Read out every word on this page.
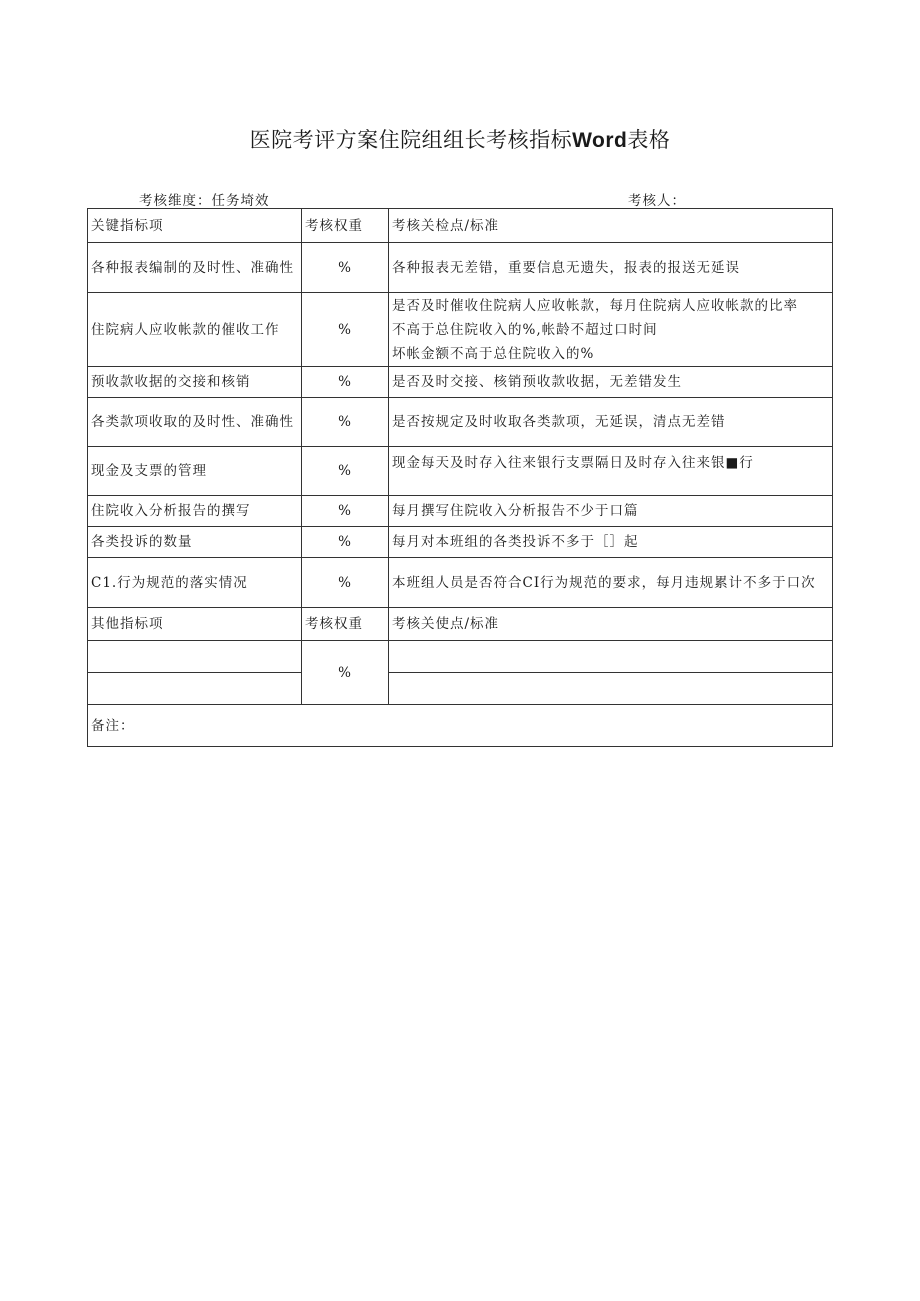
医院考评方案住院组组长考核指标Word表格
考核维度：任务埼效	考核人：
关键指标项	考核权重	考核关检点/标准
各种报表编制的及时性、准确性	%	各种报表无差错，重要信息无遗失，报表的报送无延误
住院病人应收帐款的催收工作	%	是否及时催收住院病人应收帐款，每月住院病人应收帐款的比率
不高于总住院收入的%,帐龄不超过口时间
坏帐金额不高于总住院收入的%

预收款收据的交接和核销	%	是否及时交接、核销预收款收据，无差错发生
各类款项收取的及时性、准确性	%	是否按规定及时收取各类款项，无延误，清点无差错
现金及支票的管理	%	现金每天及时存入往来银行支票隔日及时存入往来银■行
住院收入分析报告的撰写	%	每月撰写住院收入分析报告不少于口篇
各类投诉的数量	%	每月对本班组的各类投诉不多于［］起
C1.行为规范的落实情况	%	本班组人员是否符合CI行为规范的要求，每月违规累计不多于口次
其他指标项	考核权重	考核关使点/标准
	%	

备注：		
